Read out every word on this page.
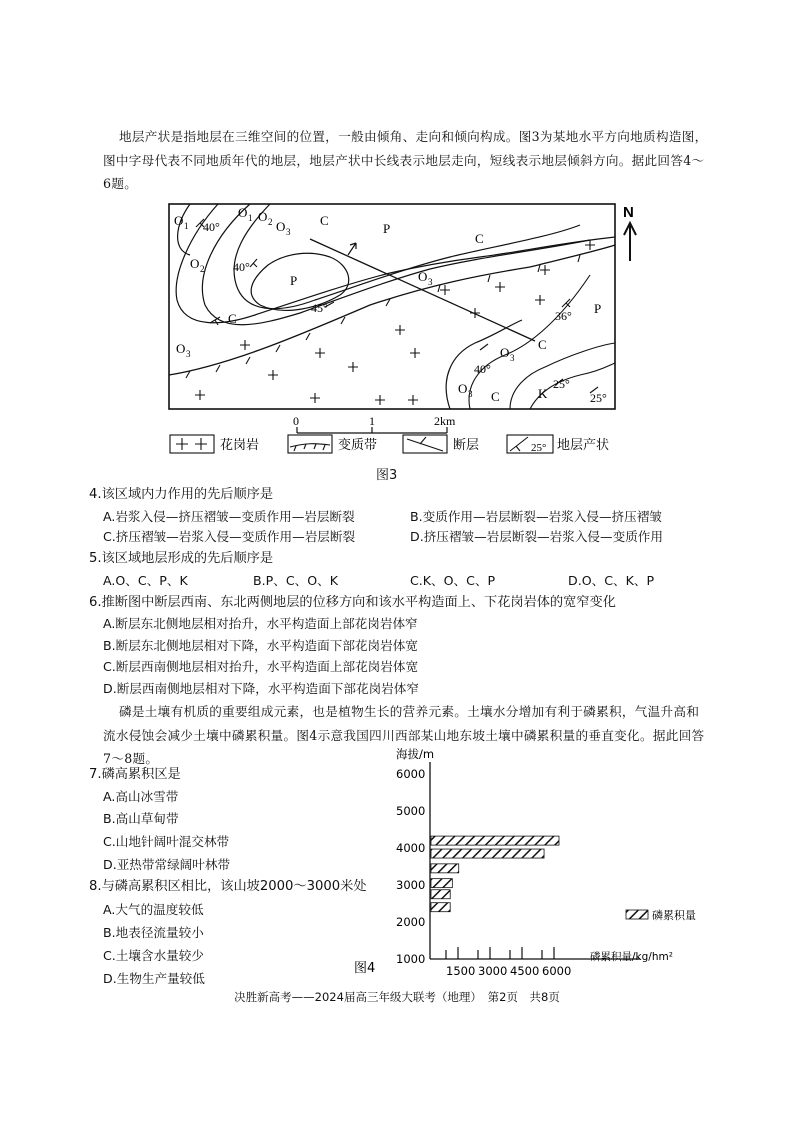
地层产状是指地层在三维空间的位置，一般由倾角、走向和倾向构成。图3为某地水平方向地质构造图，图中字母代表不同地质年代的地层，地层产状中长线表示地层走向，短线表示地层倾斜方向。据此回答4～6题。
O 1
O 1 O 2 O 3
O 2
O 3
O 3
O 3
O 3
C
C
C
C
C
P
P
P
K
40°
40°
45°
36°
40°
25°
25°
N
0	1	2km
花岗岩	变质带	断层	25° 地层产状
图3
4.该区域内力作用的先后顺序是
A.岩浆入侵—挤压褶皱—变质作用—岩层断裂	B.变质作用—岩层断裂—岩浆入侵—挤压褶皱
C.挤压褶皱—岩浆入侵—变质作用—岩层断裂	D.挤压褶皱—岩层断裂—岩浆入侵—变质作用
5.该区域地层形成的先后顺序是
A.O、C、P、K	B.P、C、O、K	C.K、O、C、P	D.O、C、K、P
6.推断图中断层西南、东北两侧地层的位移方向和该水平构造面上、下花岗岩体的宽窄变化
A.断层东北侧地层相对抬升，水平构造面上部花岗岩体窄
B.断层东北侧地层相对下降，水平构造面下部花岗岩体宽
C.断层西南侧地层相对抬升，水平构造面上部花岗岩体宽
D.断层西南侧地层相对下降，水平构造面下部花岗岩体窄
磷是土壤有机质的重要组成元素，也是植物生长的营养元素。土壤水分增加有利于磷累积，气温升高和流水侵蚀会减少土壤中磷累积量。图4示意我国四川西部某山地东坡土壤中磷累积量的垂直变化。据此回答7～8题。
7.磷高累积区是
A.高山冰雪带
B.高山草甸带
C.山地针阔叶混交林带
D.亚热带常绿阔叶林带
8.与磷高累积区相比，该山坡2000～3000米处
A.大气的温度较低
B.地表径流量较小
C.土壤含水量较少
D.生物生产量较低
海拔/m
6000
5000
4000
3000
2000
1000
1500 3000 4500 6000
磷累积量
磷累积量/kg/hm²
图4
决胜新高考——2024届高三年级大联考（地理）　第2页　共8页
